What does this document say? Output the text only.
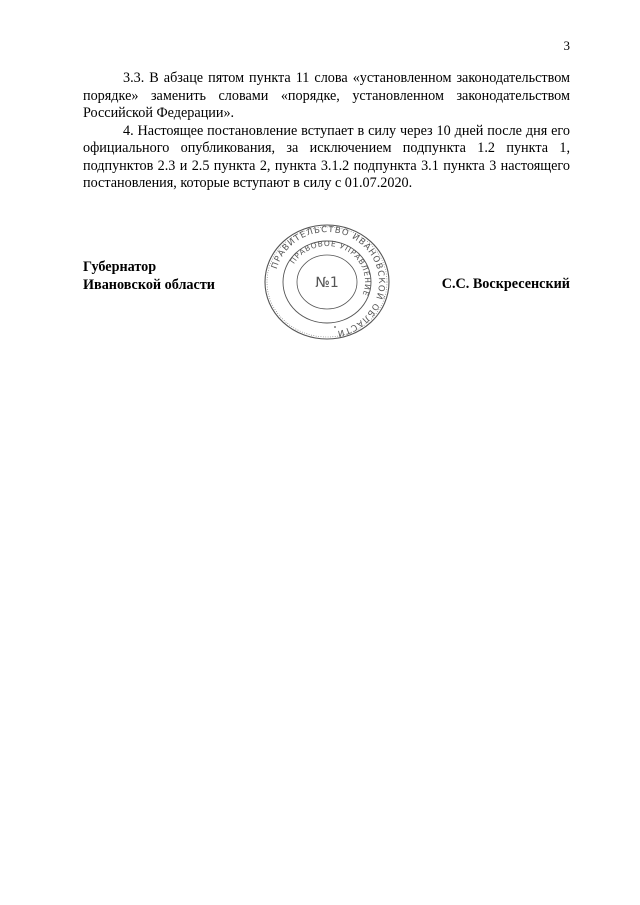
3

3.3. В абзаце пятом пункта 11 слова «установленном законодательством порядке» заменить словами «порядке, установленном законодательством Российской Федерации».

4. Настоящее постановление вступает в силу через 10 дней после дня его официального опубликования, за исключением подпункта 1.2 пункта 1, подпунктов 2.3 и 2.5 пункта 2, пункта 3.1.2 подпункта 3.1 пункта 3 настоящего постановления, которые вступают в силу с 01.07.2020.

Губернатор
Ивановской области
ПРАВИТЕЛЬСТВО ИВАНОВСКОЙ ОБЛАСТИ
ПРАВОВОЕ УПРАВЛЕНИЕ
№1	С.С. Воскресенский
